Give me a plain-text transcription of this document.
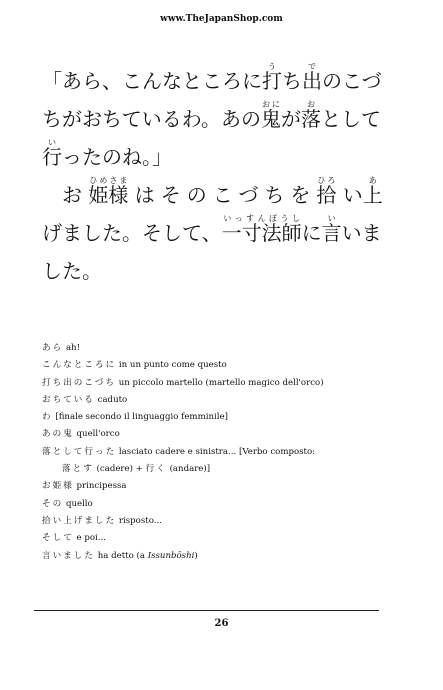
www.TheJapanShop.com

「あら、こんなところに打うち出でのこづちがおちているわ。あの鬼おにが落おとして行いったのね。」

　お 姫様ひめさま はそのこづちを拾ひろ い上あげました。そして、一寸法師いっすんぼうしに言いいました。

あら ah!
こんなところに in un punto come questo
打ち出のこづち un piccolo martello (martello magico dell'orco)
おちている caduto
わ [finale secondo il linguaggio femminile]
あの鬼 quell'orco
落として行った lasciato cadere e sinistra... [Verbo composto:
落とす (cadere) + 行く (andare)]
お姫様 principessa
その quello
拾い上げました risposto...
そして e poi...
言いました ha detto (a Issunbōshi)
26
